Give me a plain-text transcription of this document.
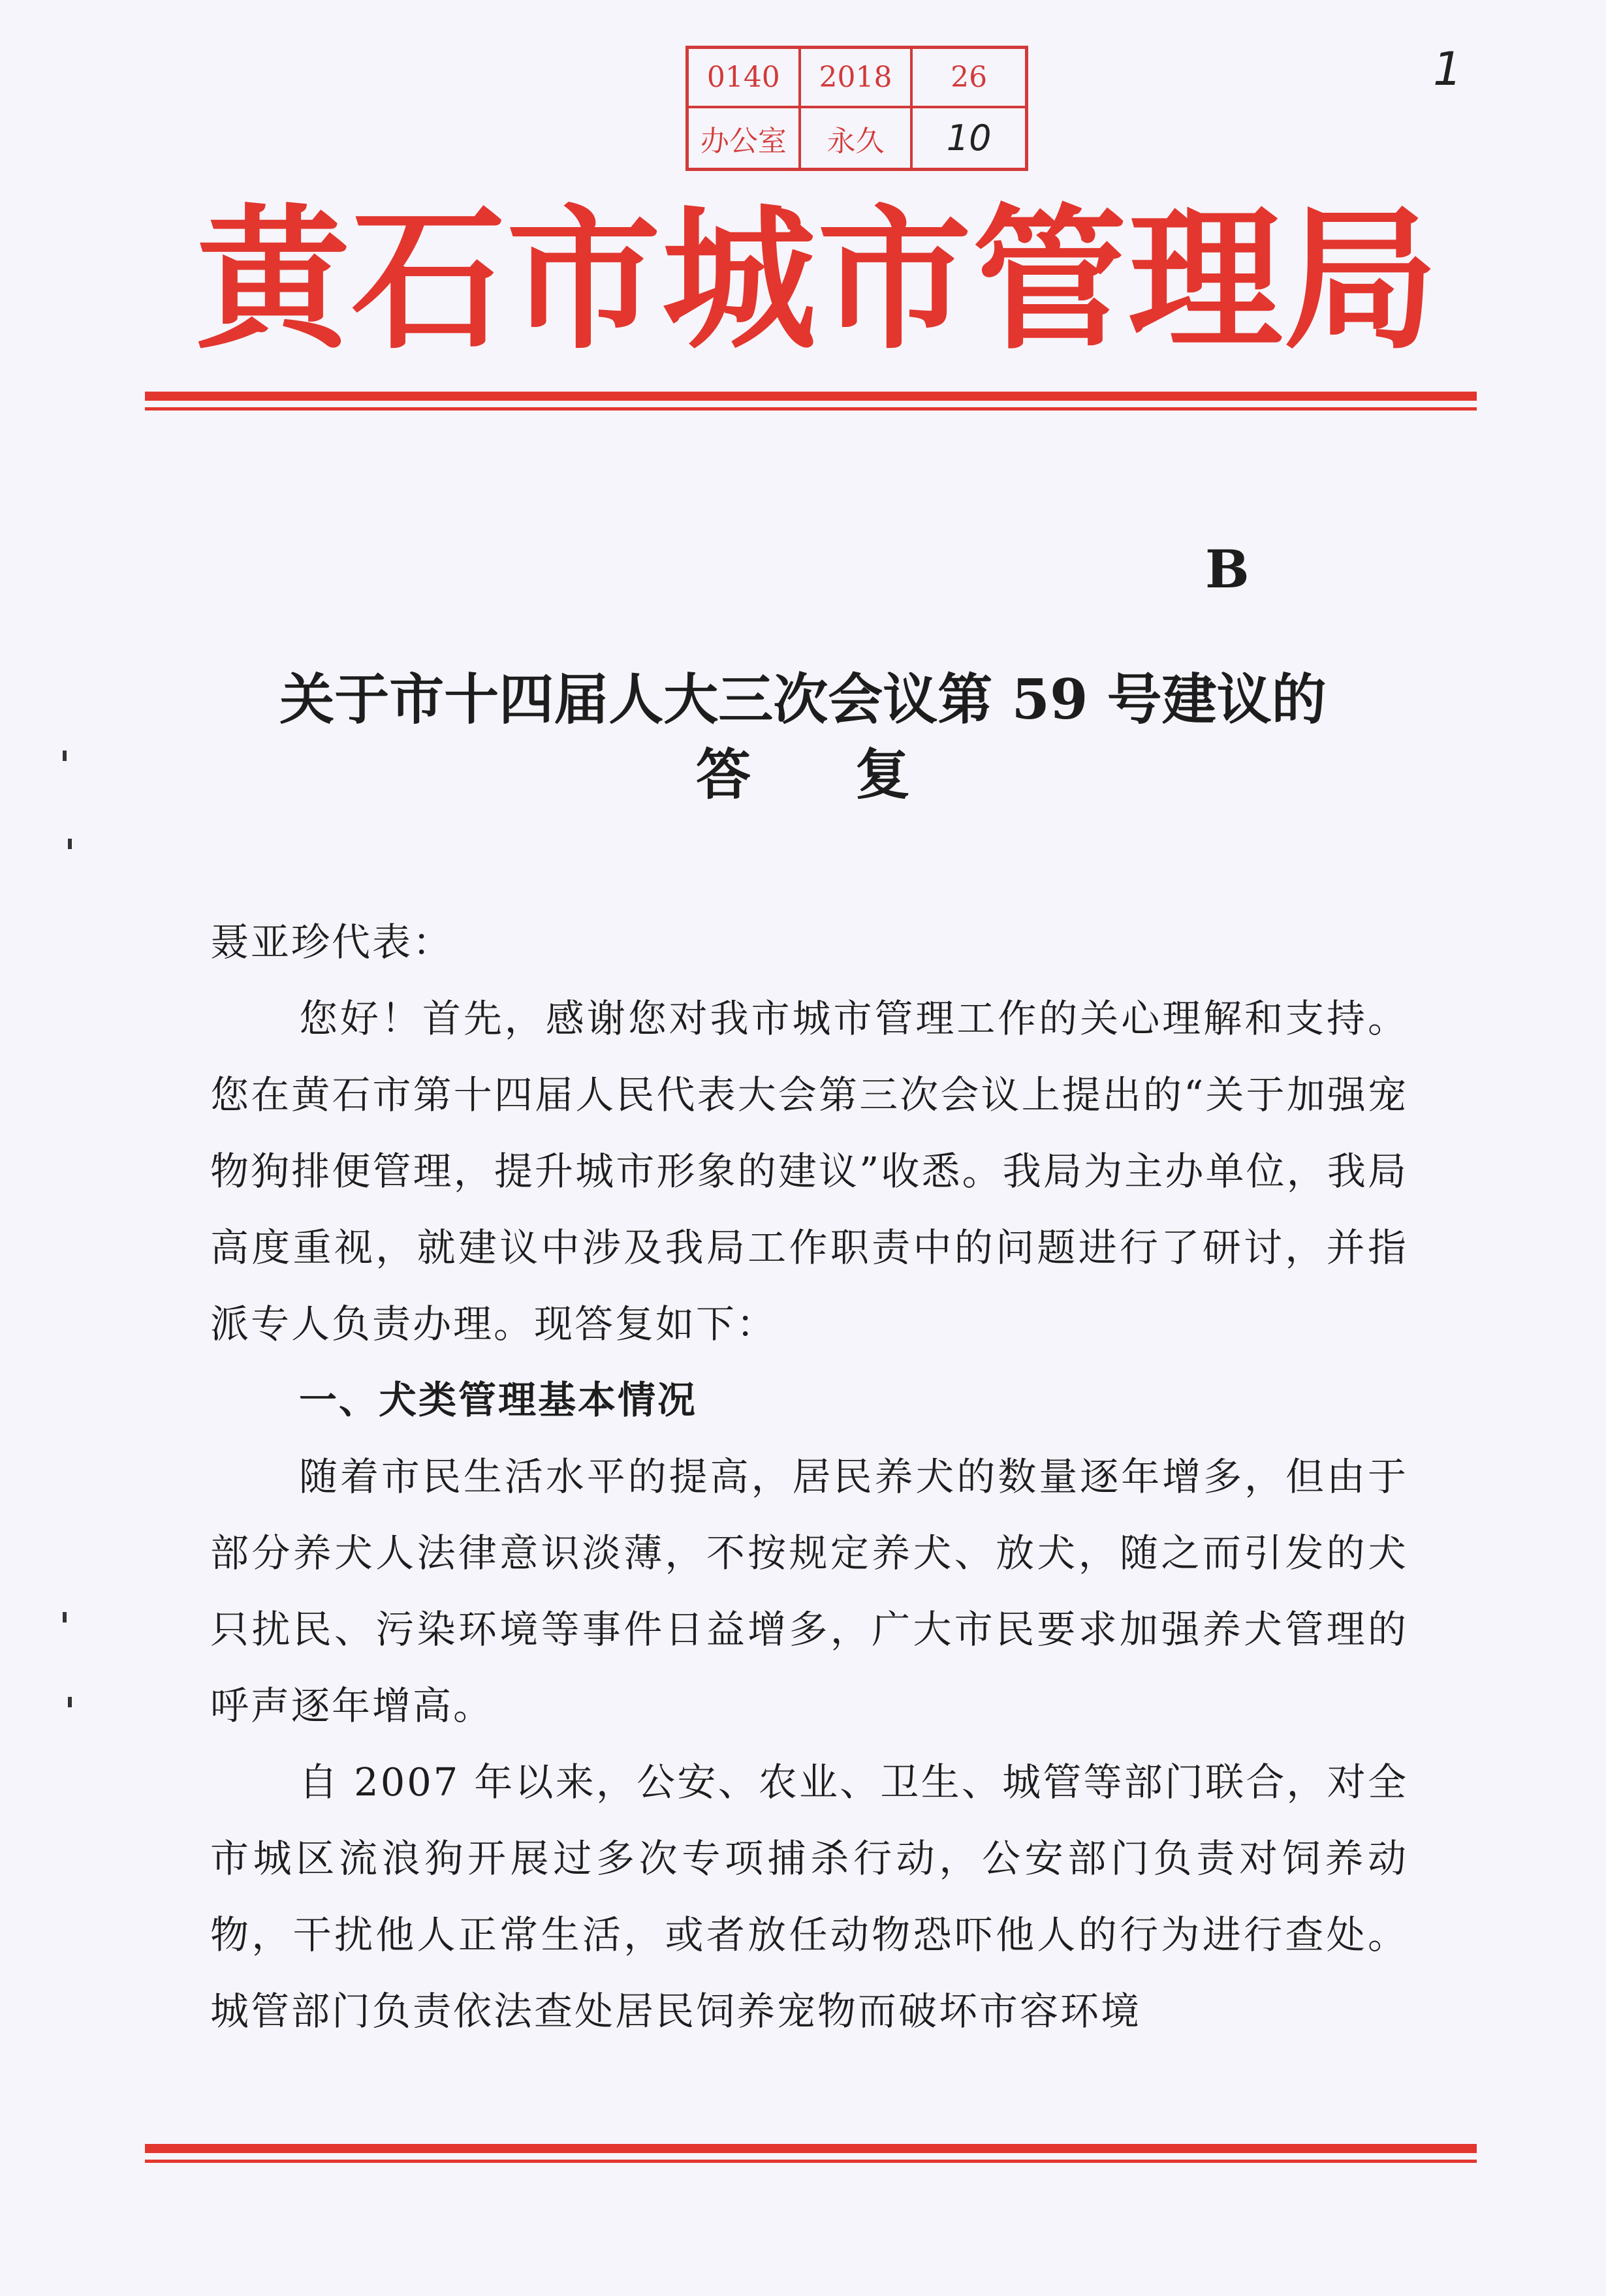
0140	2018	26
办公室	永久	10
1
黄石市城市管理局
B
关于市十四届人大三次会议第 59 号建议的
答复

聂亚珍代表：

您好！首先，感谢您对我市城市管理工作的关心理解和支持。您在黄石市第十四届人民代表大会第三次会议上提出的“关于加强宠物狗排便管理，提升城市形象的建议”收悉。我局为主办单位，我局高度重视，就建议中涉及我局工作职责中的问题进行了研讨，并指派专人负责办理。现答复如下：

一、犬类管理基本情况

随着市民生活水平的提高，居民养犬的数量逐年增多，但由于部分养犬人法律意识淡薄，不按规定养犬、放犬，随之而引发的犬只扰民、污染环境等事件日益增多，广大市民要求加强养犬管理的呼声逐年增高。

自 2007 年以来，公安、农业、卫生、城管等部门联合，对全市城区流浪狗开展过多次专项捕杀行动，公安部门负责对饲养动物，干扰他人正常生活，或者放任动物恐吓他人的行为进行查处。城管部门负责依法查处居民饲养宠物而破坏市容环境
